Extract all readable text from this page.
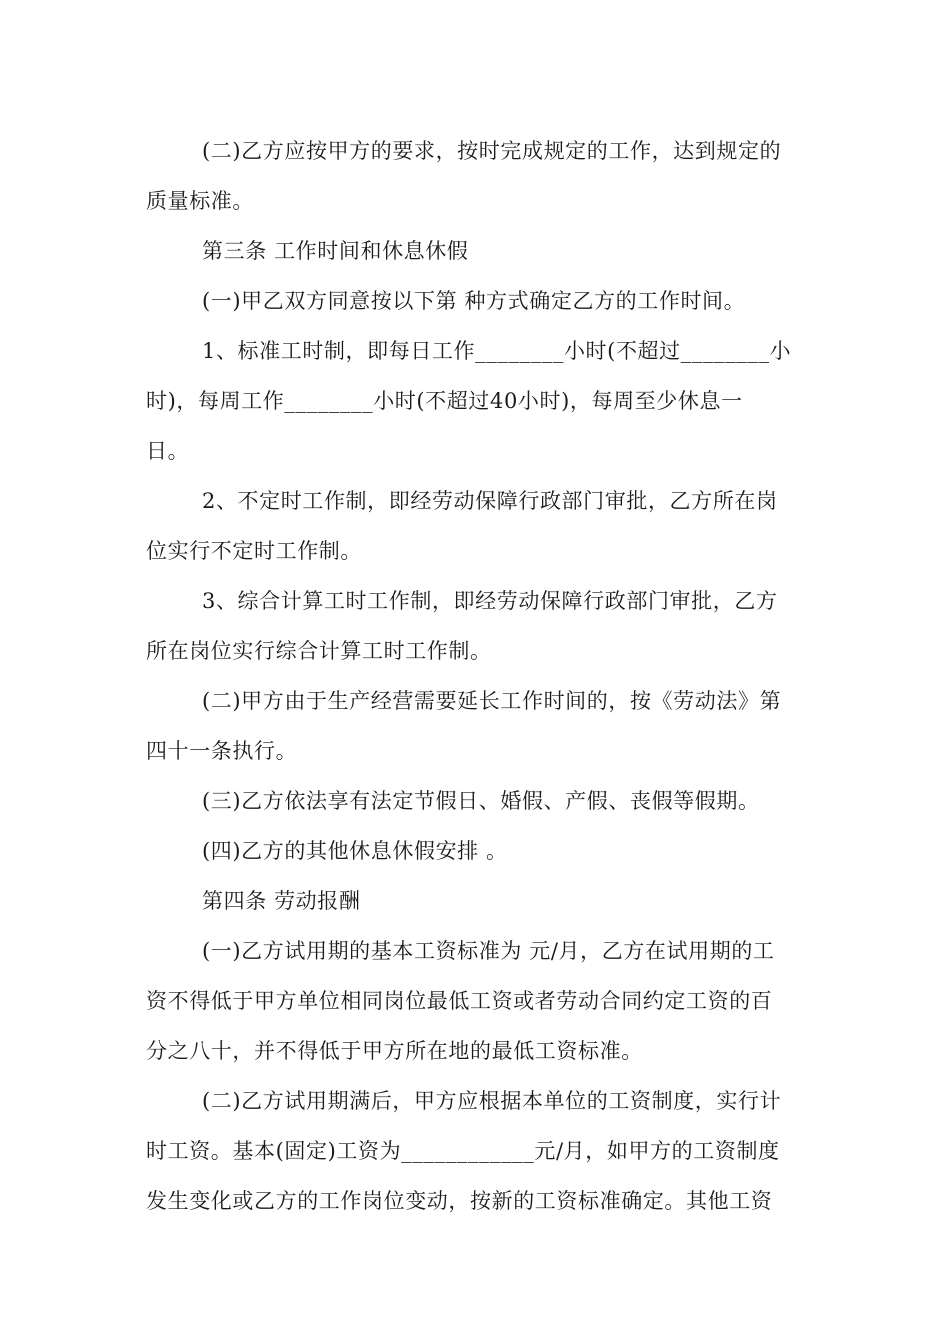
(二)乙方应按甲方的要求，按时完成规定的工作，达到规定的

质量标准。

第三条 工作时间和休息休假

(一)甲乙双方同意按以下第 种方式确定乙方的工作时间。

1、标准工时制，即每日工作________小时(不超过________小

时)，每周工作________小时(不超过40小时)，每周至少休息一

日。

2、不定时工作制，即经劳动保障行政部门审批，乙方所在岗

位实行不定时工作制。

3、综合计算工时工作制，即经劳动保障行政部门审批，乙方

所在岗位实行综合计算工时工作制。

(二)甲方由于生产经营需要延长工作时间的，按《劳动法》第

四十一条执行。

(三)乙方依法享有法定节假日、婚假、产假、丧假等假期。

(四)乙方的其他休息休假安排 。

第四条 劳动报酬

(一)乙方试用期的基本工资标准为 元/月，乙方在试用期的工

资不得低于甲方单位相同岗位最低工资或者劳动合同约定工资的百

分之八十，并不得低于甲方所在地的最低工资标准。

(二)乙方试用期满后，甲方应根据本单位的工资制度，实行计

时工资。基本(固定)工资为____________元/月，如甲方的工资制度

发生变化或乙方的工作岗位变动，按新的工资标准确定。其他工资
